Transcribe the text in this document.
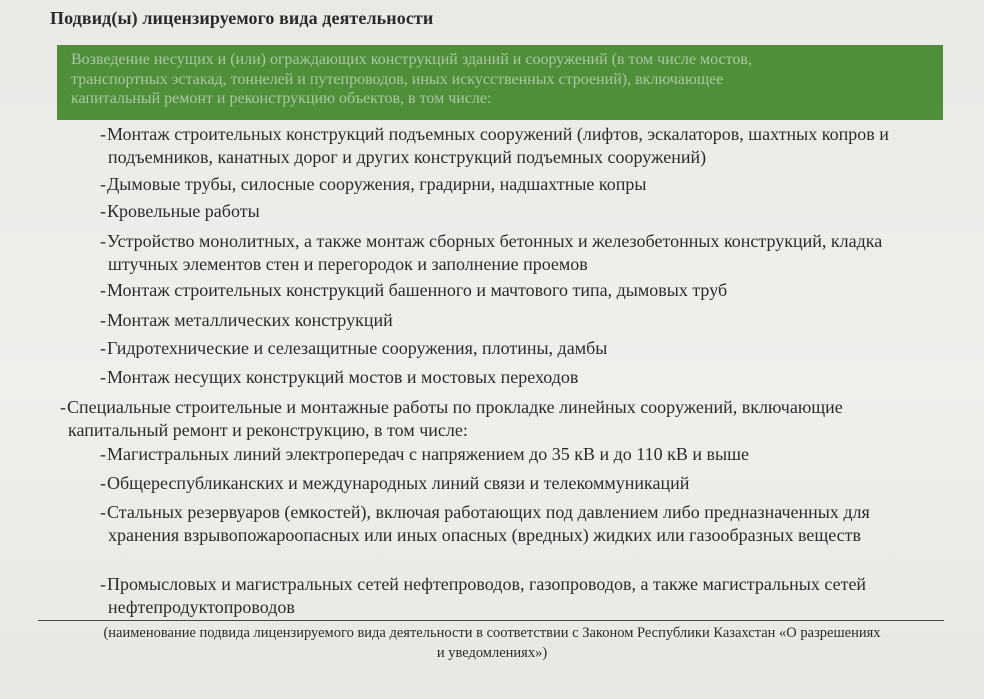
Подвид(ы) лицензируемого вида деятельности

Возведение несущих и (или) ограждающих конструкций зданий и сооружений (в том числе мостов,

транспортных эстакад, тоннелей и путепроводов, иных искусственных строений), включающее

капитальный ремонт и реконструкцию объектов, в том числе:

-Монтаж строительных конструкций подъемных сооружений (лифтов, эскалаторов, шахтных копров и
подъемников, канатных дорог и других конструкций подъемных сооружений)
-Дымовые трубы, силосные сооружения, градирни, надшахтные копры
-Кровельные работы
-Устройство монолитных, а также монтаж сборных бетонных и железобетонных конструкций, кладка
штучных элементов стен и перегородок и заполнение проемов
-Монтаж строительных конструкций башенного и мачтового типа, дымовых труб
-Монтаж металлических конструкций
-Гидротехнические и селезащитные сооружения, плотины, дамбы
-Монтаж несущих конструкций мостов и мостовых переходов
-Специальные строительные и монтажные работы по прокладке линейных сооружений, включающие
капитальный ремонт и реконструкцию, в том числе:
-Магистральных линий электропередач с напряжением до 35 кВ и до 110 кВ и выше
-Общереспубликанских и международных линий связи и телекоммуникаций
-Стальных резервуаров (емкостей), включая работающих под давлением либо предназначенных для
хранения взрывопожароопасных или иных опасных (вредных) жидких или газообразных веществ
-Промысловых и магистральных сетей нефтепроводов, газопроводов, а также магистральных сетей
нефтепродуктопроводов
(наименование подвида лицензируемого вида деятельности в соответствии с Законом Республики Казахстан «О разрешениях
и уведомлениях»)
